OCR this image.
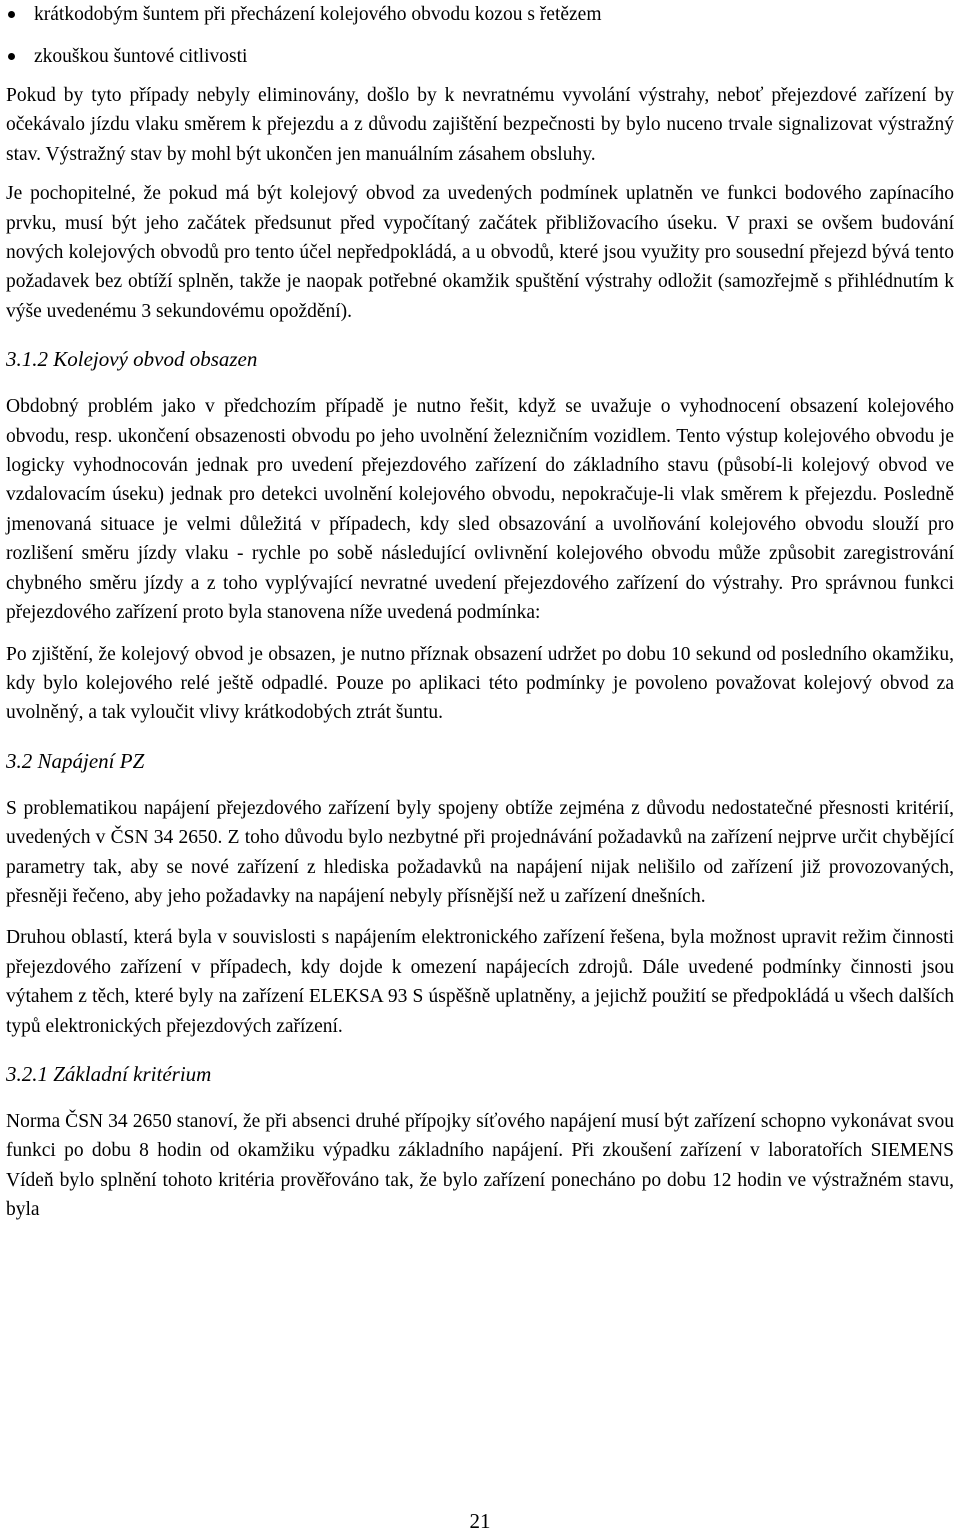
krátkodobým šuntem při přecházení kolejového obvodu kozou s řetězem
zkouškou šuntové citlivosti

Pokud by tyto případy nebyly eliminovány, došlo by k nevratnému vyvolání výstrahy, neboť přejezdové zařízení by očekávalo jízdu vlaku směrem k přejezdu a z důvodu zajištění bezpečnosti by bylo nuceno trvale signalizovat výstražný stav. Výstražný stav by mohl být ukončen jen manuálním zásahem obsluhy.

Je pochopitelné, že pokud má být kolejový obvod za uvedených podmínek uplatněn ve funkci bodového zapínacího prvku, musí být jeho začátek předsunut před vypočítaný začátek přibližovacího úseku. V praxi se ovšem budování nových kolejových obvodů pro tento účel nepředpokládá, a u obvodů, které jsou využity pro sousední přejezd bývá tento požadavek bez obtíží splněn, takže je naopak potřebné okamžik spuštění výstrahy odložit (samozřejmě s přihlédnutím k výše uvedenému 3 sekundovému opoždění).

3.1.2 Kolejový obvod obsazen

Obdobný problém jako v předchozím případě je nutno řešit, když se uvažuje o vyhodnocení obsazení kolejového obvodu, resp. ukončení obsazenosti obvodu po jeho uvolnění železničním vozidlem. Tento výstup kolejového obvodu je logicky vyhodnocován jednak pro uvedení přejezdového zařízení do základního stavu (působí-li kolejový obvod ve vzdalovacím úseku) jednak pro detekci uvolnění kolejového obvodu, nepokračuje-li vlak směrem k přejezdu. Posledně jmenovaná situace je velmi důležitá v případech, kdy sled obsazování a uvolňování kolejového obvodu slouží pro rozlišení směru jízdy vlaku - rychle po sobě následující ovlivnění kolejového obvodu může způsobit zaregistrování chybného směru jízdy a z toho vyplývající nevratné uvedení přejezdového zařízení do výstrahy. Pro správnou funkci přejezdového zařízení proto byla stanovena níže uvedená podmínka:

Po zjištění, že kolejový obvod je obsazen, je nutno příznak obsazení udržet po dobu 10 sekund od posledního okamžiku, kdy bylo kolejového relé ještě odpadlé. Pouze po aplikaci této podmínky je povoleno považovat kolejový obvod za uvolněný, a tak vyloučit vlivy krátkodobých ztrát šuntu.

3.2 Napájení PZ

S problematikou napájení přejezdového zařízení byly spojeny obtíže zejména z důvodu nedostatečné přesnosti kritérií, uvedených v ČSN 34 2650. Z toho důvodu bylo nezbytné při projednávání požadavků na zařízení nejprve určit chybějící parametry tak, aby se nové zařízení z hlediska požadavků na napájení nijak nelišilo od zařízení již provozovaných, přesněji řečeno, aby jeho požadavky na napájení nebyly přísnější než u zařízení dnešních.

Druhou oblastí, která byla v souvislosti s napájením elektronického zařízení řešena, byla možnost upravit režim činnosti přejezdového zařízení v případech, kdy dojde k omezení napájecích zdrojů. Dále uvedené podmínky činnosti jsou výtahem z těch, které byly na zařízení ELEKSA 93 S úspěšně uplatněny, a jejichž použití se předpokládá u všech dalších typů elektronických přejezdových zařízení.

3.2.1 Základní kritérium

Norma ČSN 34 2650 stanoví, že při absenci druhé přípojky síťového napájení musí být zařízení schopno vykonávat svou funkci po dobu 8 hodin od okamžiku výpadku základního napájení. Při zkoušení zařízení v laboratořích SIEMENS Vídeň bylo splnění tohoto kritéria prověřováno tak, že bylo zařízení ponecháno po dobu 12 hodin ve výstražném stavu, byla

21
